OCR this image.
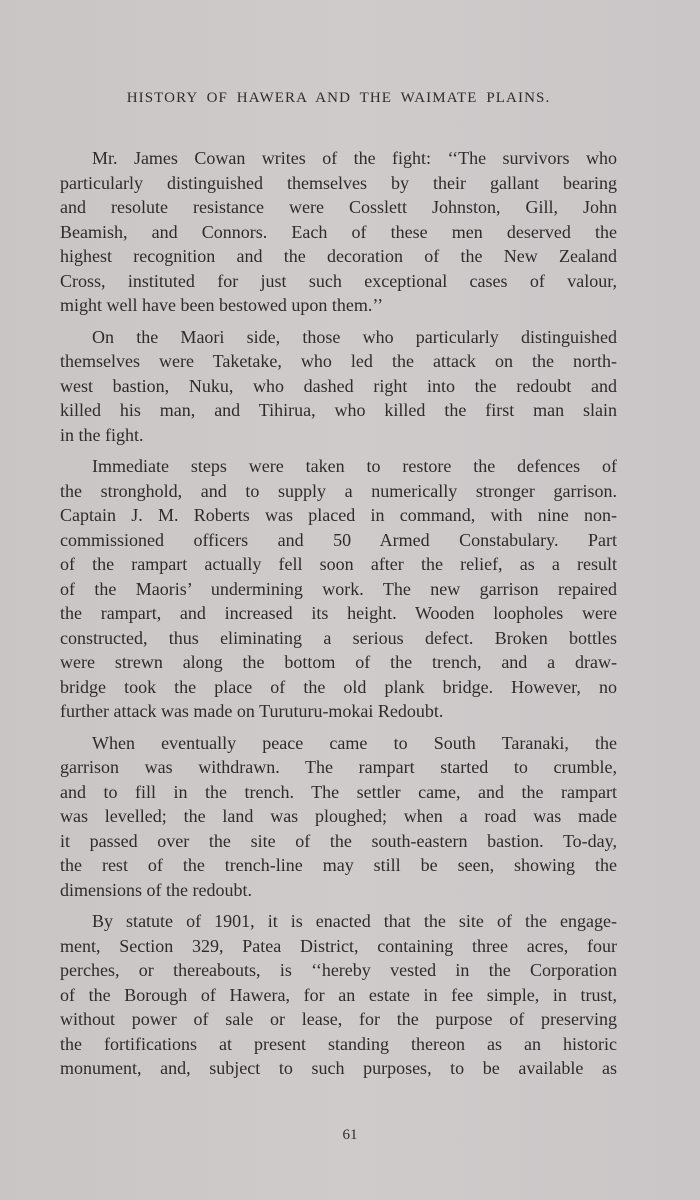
HISTORY OF HAWERA AND THE WAIMATE PLAINS.
Mr. James Cowan writes of the fight: ‘‘The survivors who
particularly distinguished themselves by their gallant bearing
and resolute resistance were Cosslett Johnston, Gill, John
Beamish, and Connors. Each of these men deserved the
highest recognition and the decoration of the New Zealand
Cross, instituted for just such exceptional cases of valour,
might well have been bestowed upon them.’’
On the Maori side, those who particularly distinguished
themselves were Taketake, who led the attack on the north-
west bastion, Nuku, who dashed right into the redoubt and
killed his man, and Tihirua, who killed the first man slain
in the fight.
Immediate steps were taken to restore the defences of
the stronghold, and to supply a numerically stronger garrison.
Captain J. M. Roberts was placed in command, with nine non-
commissioned officers and 50 Armed Constabulary. Part
of the rampart actually fell soon after the relief, as a result
of the Maoris’ undermining work. The new garrison repaired
the rampart, and increased its height. Wooden loopholes were
constructed, thus eliminating a serious defect. Broken bottles
were strewn along the bottom of the trench, and a draw-
bridge took the place of the old plank bridge. However, no
further attack was made on Turuturu-mokai Redoubt.
When eventually peace came to South Taranaki, the
garrison was withdrawn. The rampart started to crumble,
and to fill in the trench. The settler came, and the rampart
was levelled; the land was ploughed; when a road was made
it passed over the site of the south-eastern bastion. To-day,
the rest of the trench-line may still be seen, showing the
dimensions of the redoubt.
By statute of 1901, it is enacted that the site of the engage-
ment, Section 329, Patea District, containing three acres, four
perches, or thereabouts, is ‘‘hereby vested in the Corporation
of the Borough of Hawera, for an estate in fee simple, in trust,
without power of sale or lease, for the purpose of preserving
the fortifications at present standing thereon as an historic
monument, and, subject to such purposes, to be available as
61
